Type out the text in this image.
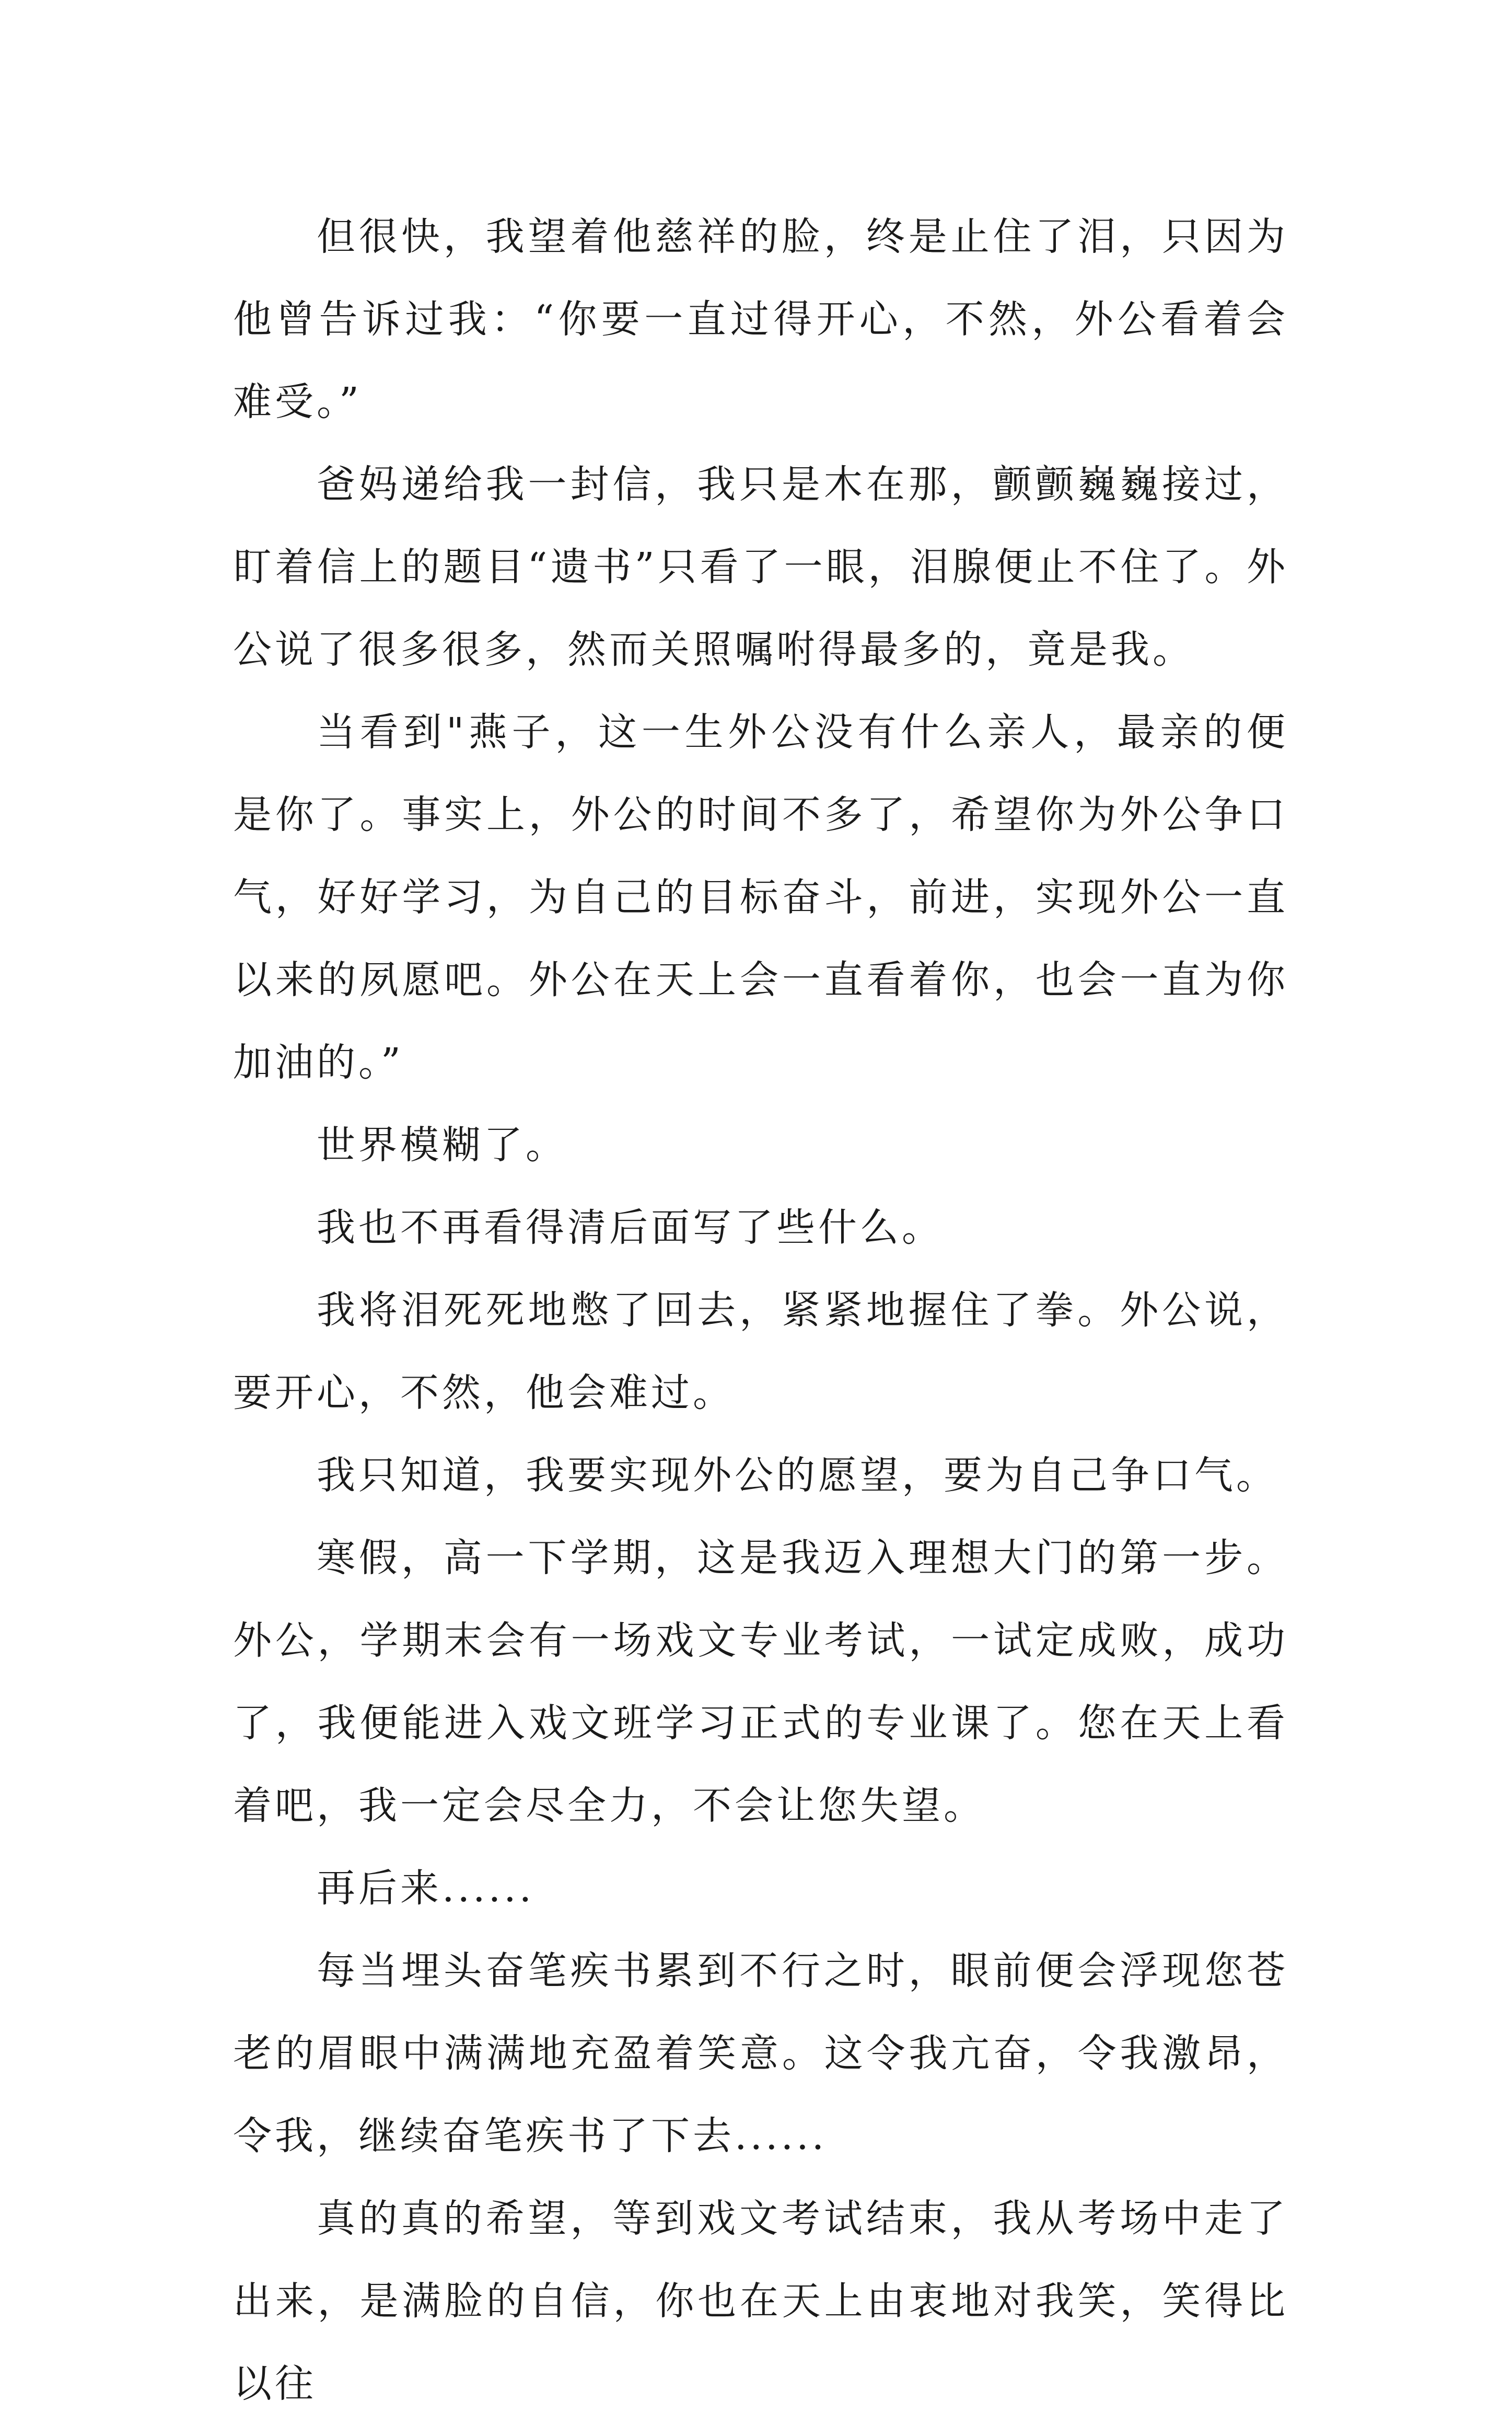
但很快，我望着他慈祥的脸，终是止住了泪，只因为他曾告诉过我：“你要一直过得开心，不然，外公看着会难受。”

爸妈递给我一封信，我只是木在那，颤颤巍巍接过，盯着信上的题目“遗书”只看了一眼，泪腺便止不住了。外公说了很多很多，然而关照嘱咐得最多的，竟是我。

当看到"燕子，这一生外公没有什么亲人，最亲的便是你了。事实上，外公的时间不多了，希望你为外公争口气，好好学习，为自己的目标奋斗，前进，实现外公一直以来的夙愿吧。外公在天上会一直看着你，也会一直为你加油的。”

世界模糊了。

我也不再看得清后面写了些什么。

我将泪死死地憋了回去，紧紧地握住了拳。外公说，要开心，不然，他会难过。

我只知道，我要实现外公的愿望，要为自己争口气。

寒假，高一下学期，这是我迈入理想大门的第一步。外公，学期末会有一场戏文专业考试，一试定成败，成功了，我便能进入戏文班学习正式的专业课了。您在天上看着吧，我一定会尽全力，不会让您失望。

再后来......

每当埋头奋笔疾书累到不行之时，眼前便会浮现您苍老的眉眼中满满地充盈着笑意。这令我亢奋，令我激昂，令我，继续奋笔疾书了下去......

真的真的希望，等到戏文考试结束，我从考场中走了出来，是满脸的自信，你也在天上由衷地对我笑，笑得比以往
